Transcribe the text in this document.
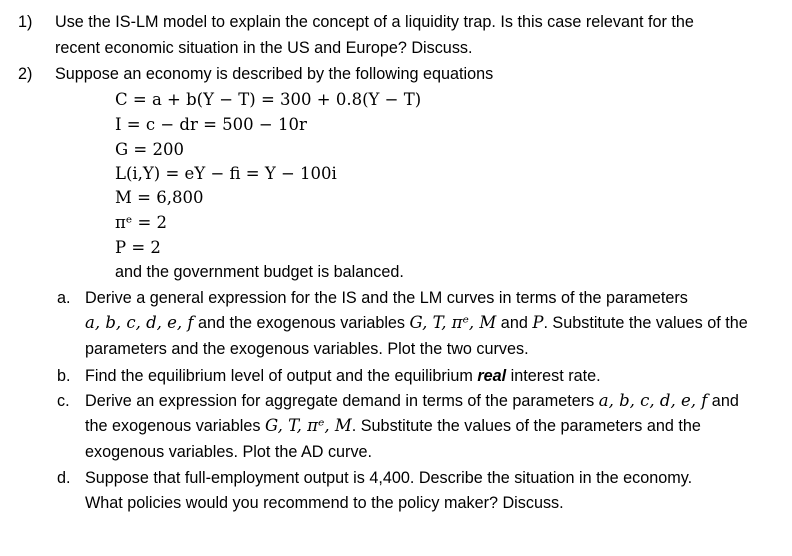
1) Use the IS-LM model to explain the concept of a liquidity trap. Is this case relevant for the
recent economic situation in the US and Europe? Discuss.
2) Suppose an economy is described by the following equations
C = a + b(Y − T) = 300 + 0.8(Y − T)
I = c − dr = 500 − 10r
G = 200
L(i,Y) = eY − fi = Y − 100i
M = 6,800
πᵉ = 2
P = 2
and the government budget is balanced.
a. Derive a general expression for the IS and the LM curves in terms of the parameters
a, b, c, d, e, f and the exogenous variables G, T, πᵉ, M and P. Substitute the values of the
parameters and the exogenous variables. Plot the two curves.
b. Find the equilibrium level of output and the equilibrium real interest rate.
c. Derive an expression for aggregate demand in terms of the parameters a, b, c, d, e, f and
the exogenous variables G, T, πᵉ, M. Substitute the values of the parameters and the
exogenous variables. Plot the AD curve.
d. Suppose that full-employment output is 4,400. Describe the situation in the economy.
What policies would you recommend to the policy maker? Discuss.
